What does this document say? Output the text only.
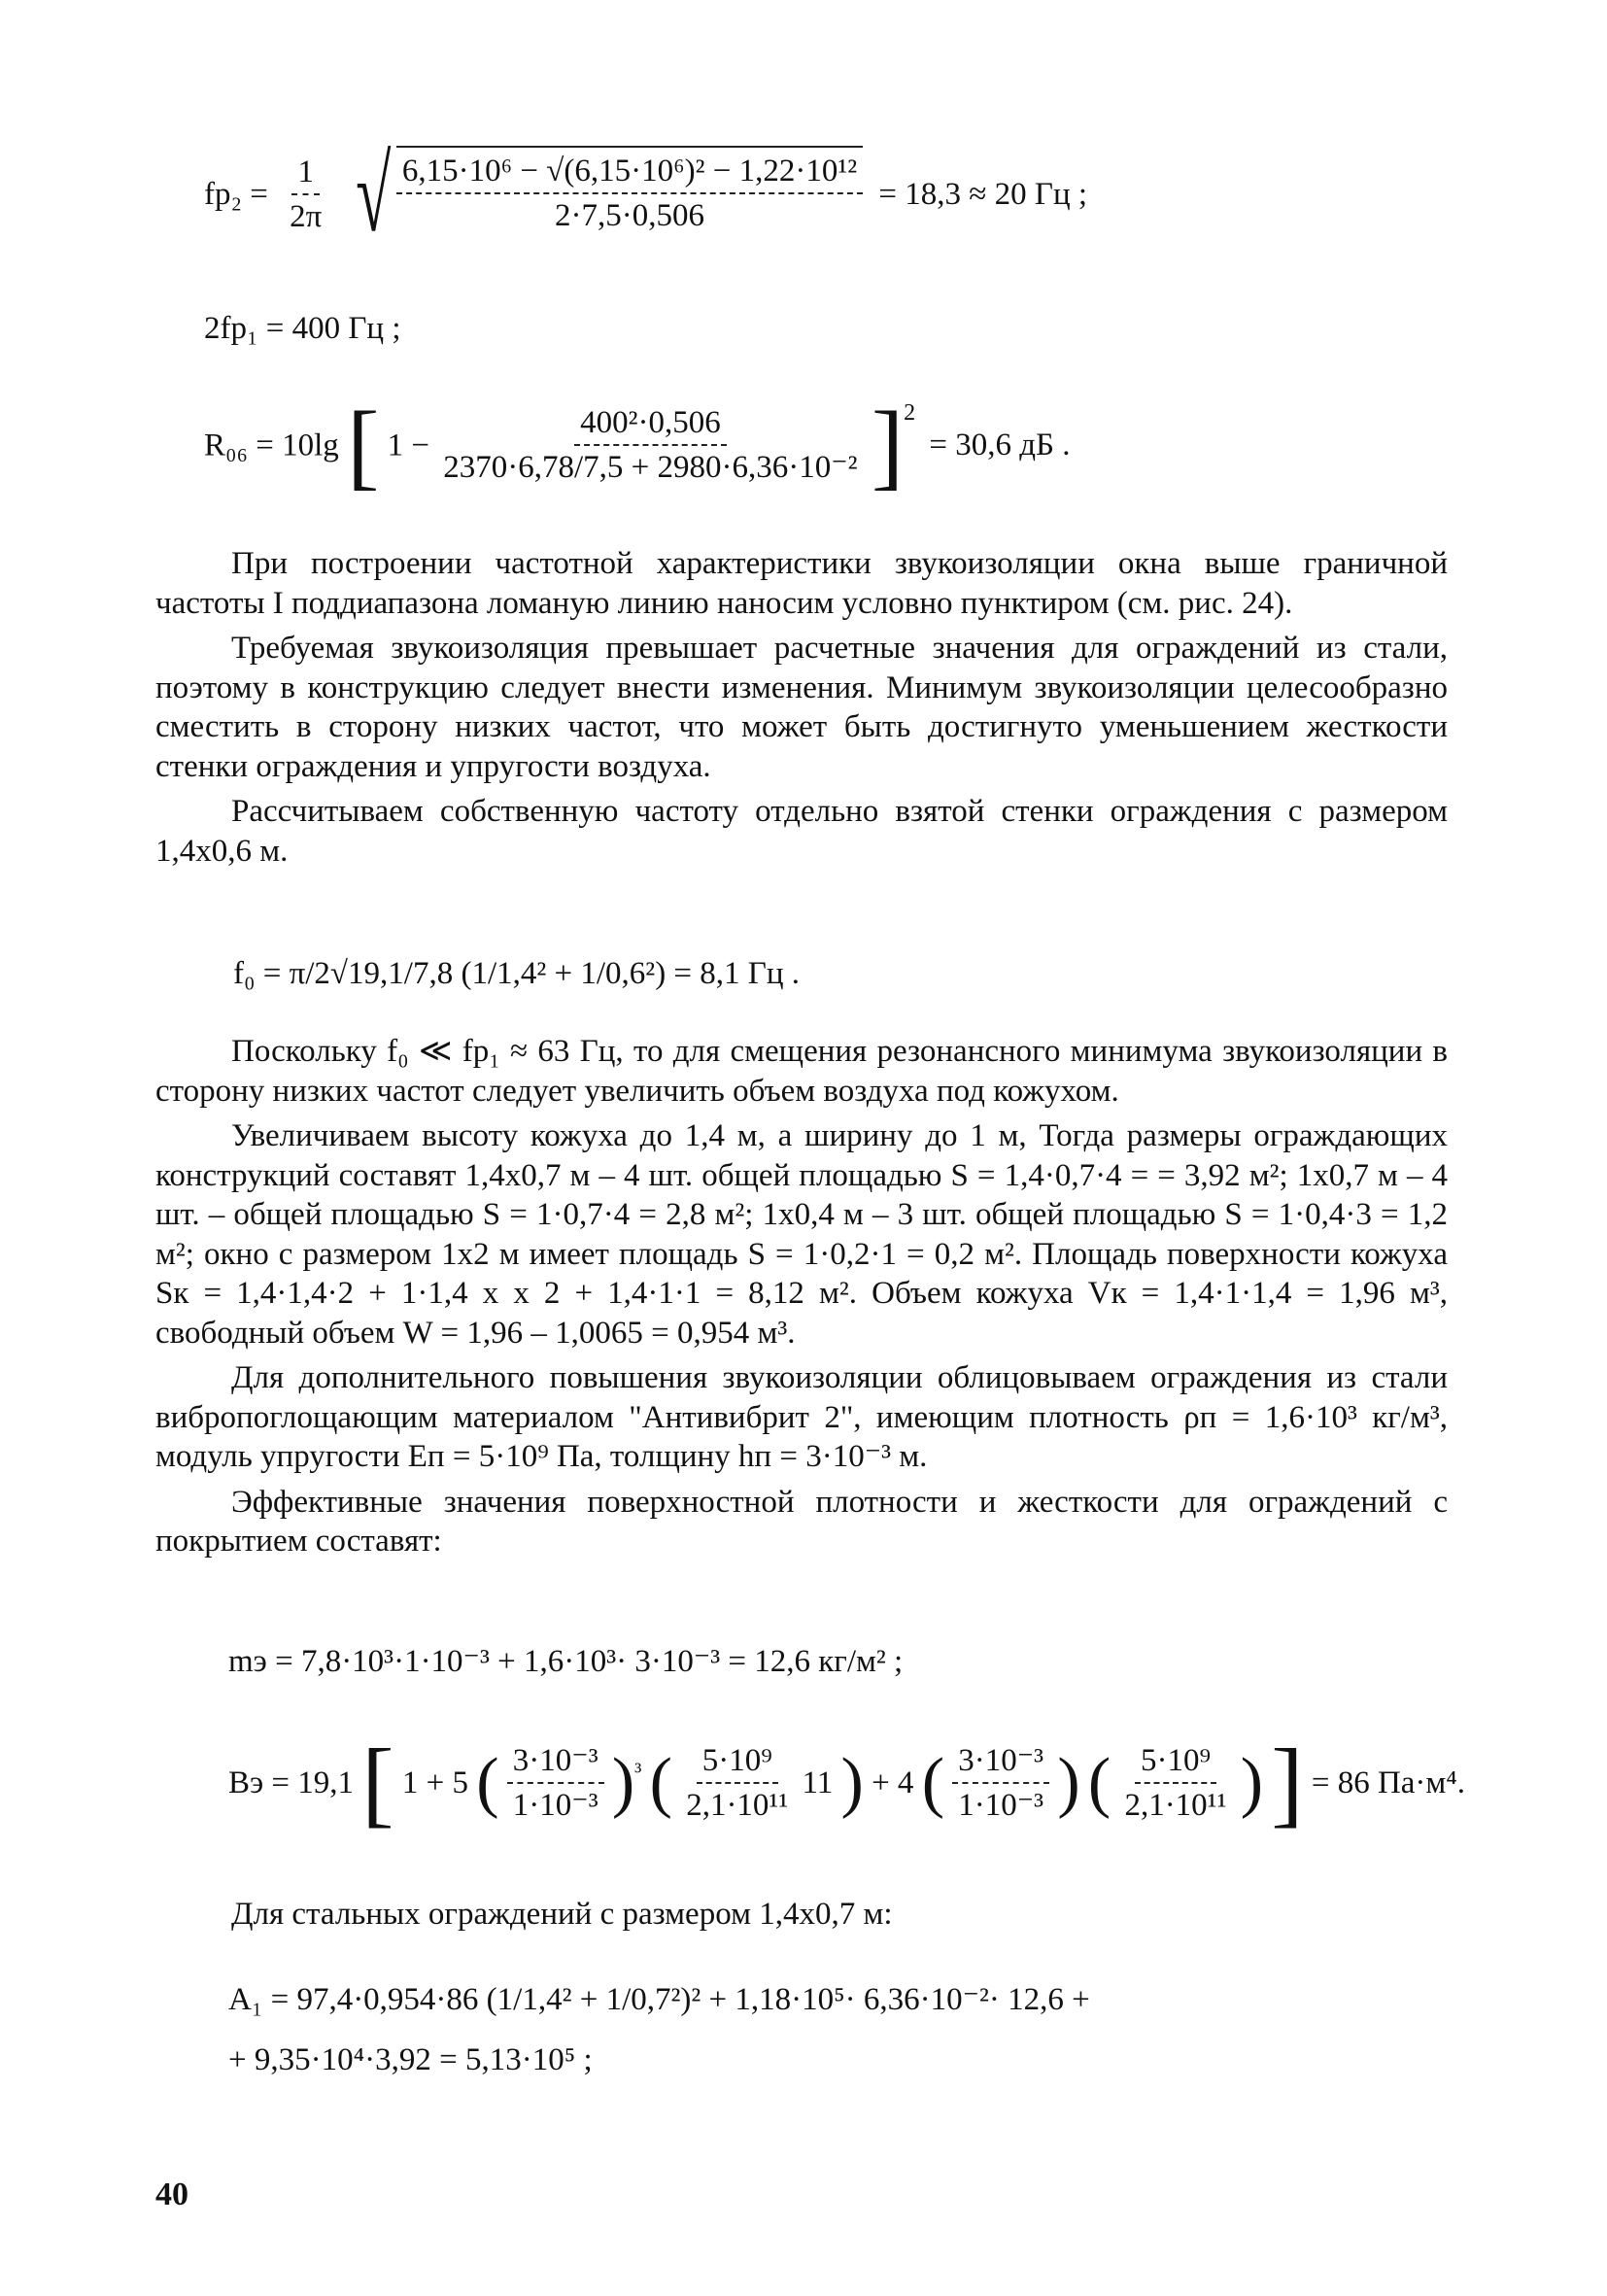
$fp_2 = \frac{1}{2\pi}$
√ $\frac{\text{6,15·10⁶ − √(6,15·10⁶)² − 1,22·10¹²}}{2\cdot 7,5\cdot 0,506} = 18,3 \approx 20$ Гц ;
2fp₁ = 400 Гц ;
R₀₆ = 10lg [ $1 - \frac{\text{400²·0,506}}{\text{2370·6,78/7,5 + 2980·6,36·10⁻²}} ]^2 = 30,6$ дБ .

При построении частотной характеристики звукоизоляции окна выше граничной частоты I поддиапазона ломаную линию наносим условно пунктиром (см. рис. 24).

Требуемая звукоизоляция превышает расчетные значения для ограждений из стали, поэтому в конструкцию следует внести изменения. Минимум звукоизоляции целесообразно сместить в сторону низких частот, что может быть достигнуто уменьшением жесткости стенки ограждения и упругости воздуха.

Рассчитываем собственную частоту отдельно взятой стенки ограждения с размером 1,4х0,6 м.

f₀ = π/2√19,1/7,8 (1/1,4² + 1/0,6²) = 8,1 Гц .

Поскольку f₀ ≪ fр₁ ≈ 63 Гц, то для смещения резонансного минимума звукоизоляции в сторону низких частот следует увеличить объем воздуха под кожухом.

Увеличиваем высоту кожуха до 1,4 м, а ширину до 1 м, Тогда размеры ограждающих конструкций составят 1,4х0,7 м – 4 шт. общей площадью S = 1,4·0,7·4 = = 3,92 м²; 1х0,7 м – 4 шт. – общей площадью S = 1·0,7·4 = 2,8 м²; 1х0,4 м – 3 шт. общей площадью S = 1·0,4·3 = 1,2 м²; окно с размером 1х2 м имеет площадь S = 1·0,2·1 = 0,2 м². Площадь поверхности кожуха Sк = 1,4·1,4·2 + 1·1,4 х х 2 + 1,4·1·1 = 8,12 м². Объем кожуха Vк = 1,4·1·1,4 = 1,96 м³, свободный объем W = 1,96 – 1,0065 = 0,954 м³.

Для дополнительного повышения звукоизоляции облицовываем ограждения из стали вибропоглощающим материалом "Антивибрит 2", имеющим плотность ρп = 1,6·10³ кг/м³, модуль упругости Еп = 5·10⁹ Па, толщину hп = 3·10⁻³ м.

Эффективные значения поверхностной плотности и жесткости для ограждений с покрытием составят:

mэ = 7,8·10³·1·10⁻³ + 1,6·10³· 3·10⁻³ = 12,6 кг/м² ;
Вэ = 19,1 [ 1 + 5 ( $\frac{\text{3·10⁻³}}{\text{1·10⁻³}} )^{^3}$ ( $\frac{\text{5·10⁹}}{\text{2,1·10¹¹}} 11$ ) + 4 ( $\frac{\text{3·10⁻³}}{\text{1·10⁻³}}$ ) ( $\frac{\text{5·10⁹}}{\text{2,1·10¹¹}}$ ) ] = 86 Па·м⁴.
Для стальных ограждений с размером 1,4х0,7 м:
A₁ = 97,4·0,954·86 (1/1,4² + 1/0,7²)² + 1,18·10⁵· 6,36·10⁻²· 12,6 +
+ 9,35·10⁴·3,92 = 5,13·10⁵ ;
40
